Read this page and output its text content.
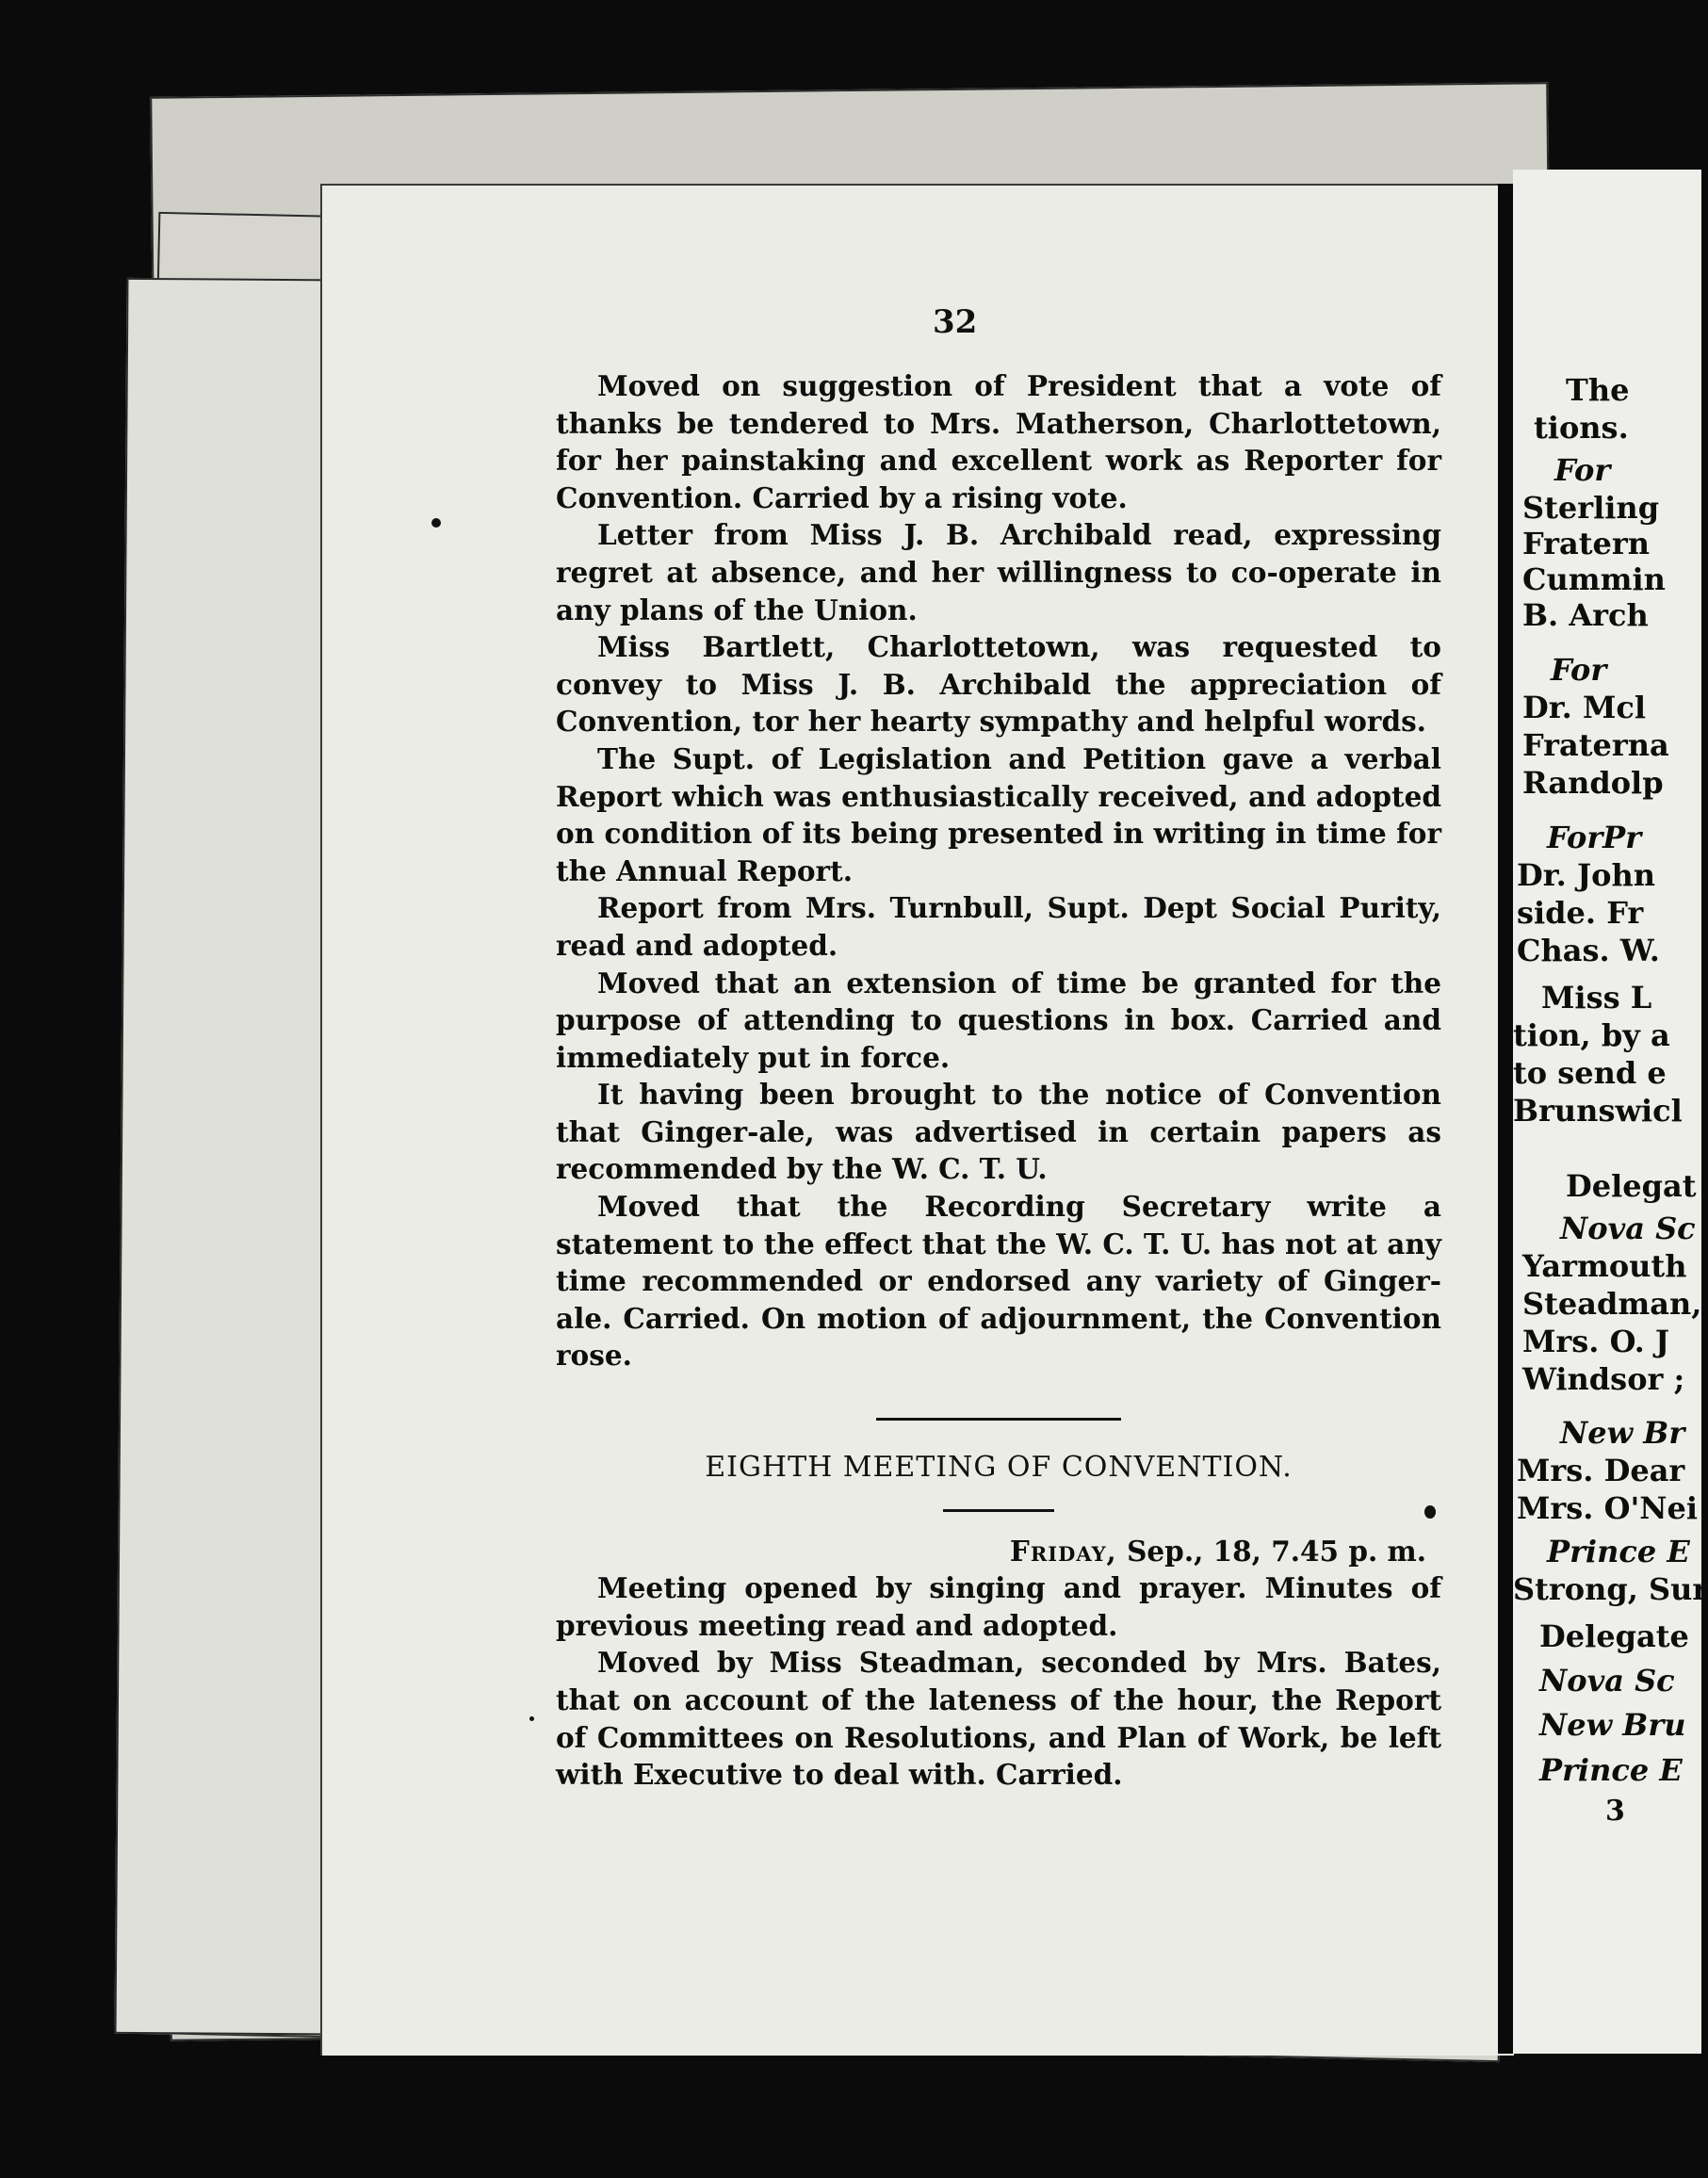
32

Moved on suggestion of President that a vote of thanks be tendered to Mrs. Matherson, Charlottetown, for her painstaking and excellent work as Reporter for Convention. Carried by a rising vote.

Letter from Miss J. B. Archibald read, expressing regret at absence, and her willingness to co-operate in any plans of the Union.

Miss Bartlett, Charlottetown, was requested to convey to Miss J. B. Archibald the appreciation of Convention, tor her hearty sympathy and helpful words.

The Supt. of Legislation and Petition gave a verbal Report which was enthusiastically received, and adopted on condition of its being presented in writing in time for the Annual Report.

Report from Mrs. Turnbull, Supt. Dept Social Purity, read and adopted.

Moved that an extension of time be granted for the purpose of attending to questions in box. Carried and immediately put in force.

It having been brought to the notice of Convention that Ginger-ale, was advertised in certain papers as recommended by the W. C. T. U.

Moved that the Recording Secretary write a statement to the effect that the W. C. T. U. has not at any time recommended or endorsed any variety of Ginger-ale. Carried. On motion of adjournment, the Convention rose.

EIGHTH MEETING OF CONVENTION.
Friday, Sep., 18, 7.45 p. m.

Meeting opened by singing and prayer. Minutes of previous meeting read and adopted.

Moved by Miss Steadman, seconded by Mrs. Bates, that on account of the lateness of the hour, the Report of Committees on Resolutions, and Plan of Work, be left with Executive to deal with. Carried.

The
tions.
For
Sterling
Fratern
Cummin
B. Arch
For
Dr. Mcl
Fraterna
Randolp
ForPr
Dr. John
side. Fr
Chas. W.
Miss L
tion, by a
to send e
Brunswicl
Delegat
Nova Sc
Yarmouth
Steadman,
Mrs. O. J
Windsor ;
New Br
Mrs. Dear
Mrs. O'Nei
Prince E
Strong, Sur
Delegate
Nova Sc
New Bru
Prince E
3
